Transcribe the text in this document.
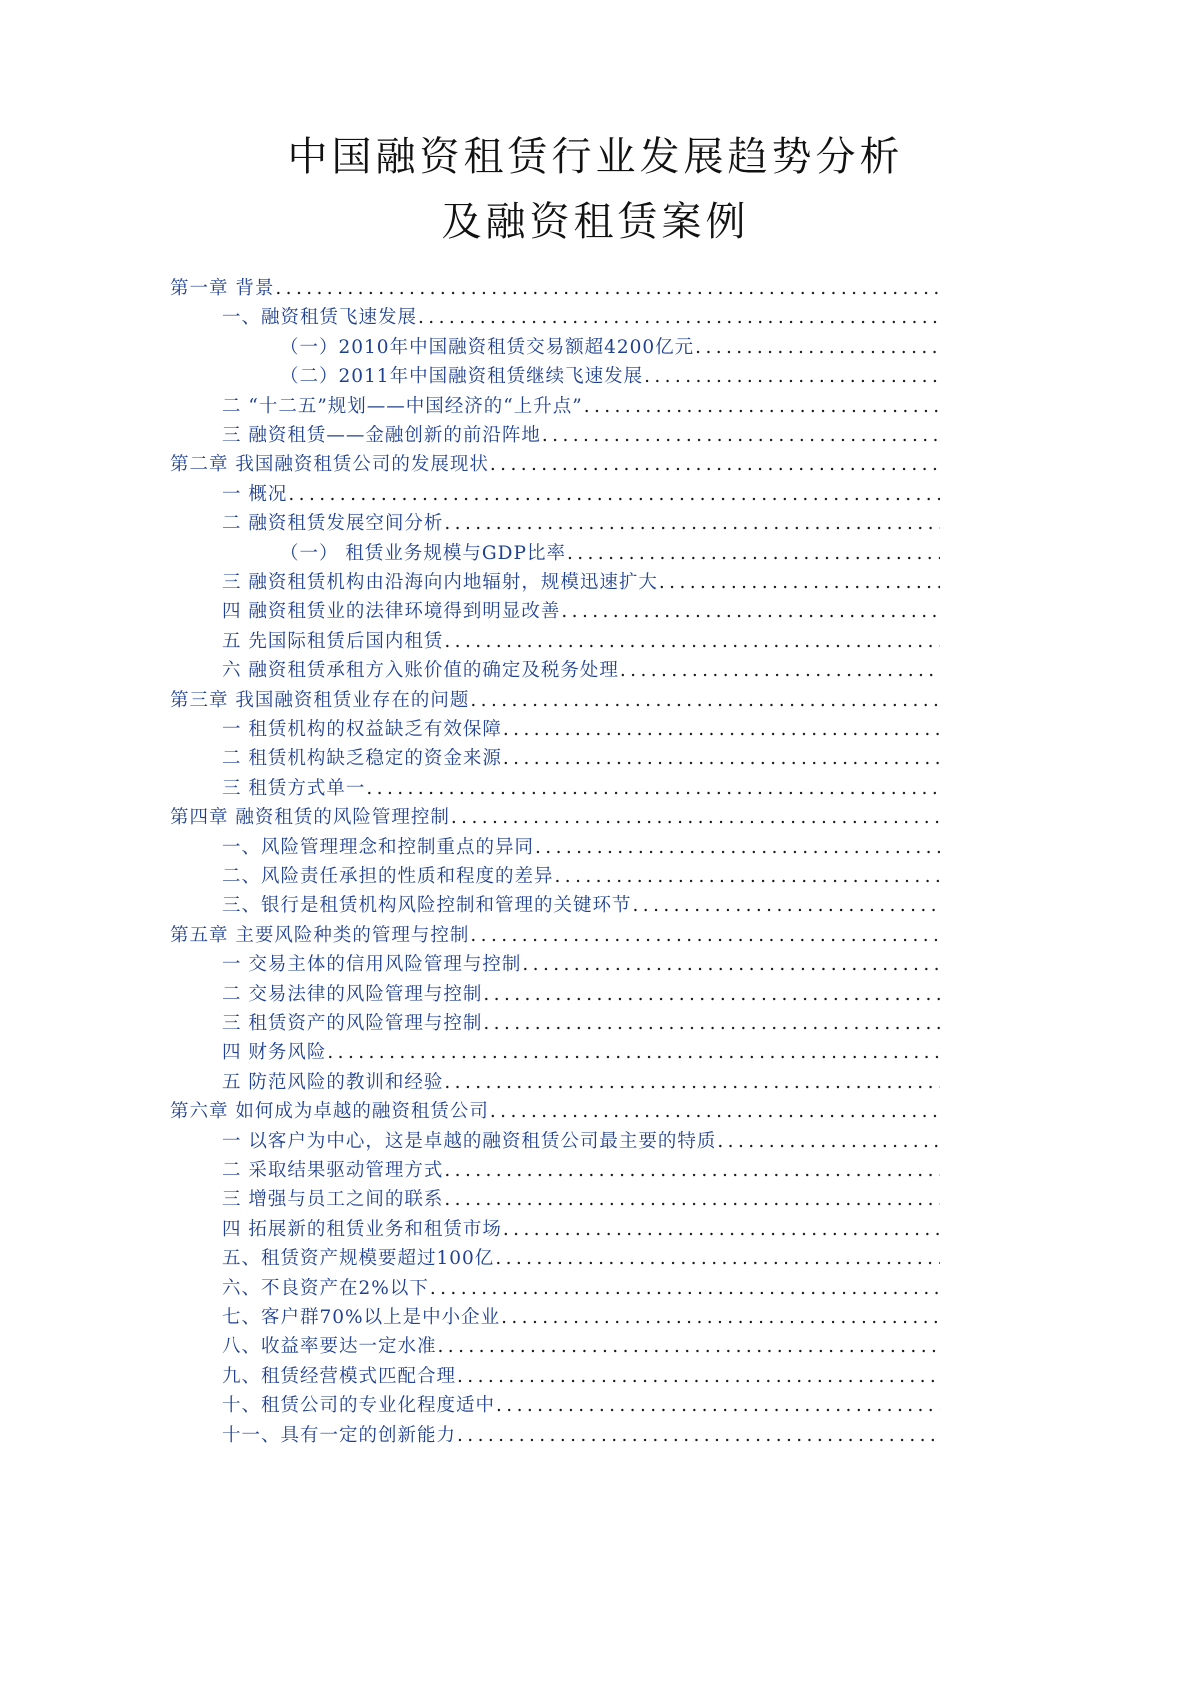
中国融资租赁行业发展趋势分析
及融资租赁案例
第一章 背景
.....
一、融资租赁飞速发展
.....
（一）2010年中国融资租赁交易额超4200亿元
.....
（二）2011年中国融资租赁继续飞速发展
.....
二 “十二五”规划——中国经济的“上升点”
.....
三 融资租赁——金融创新的前沿阵地
.....
第二章 我国融资租赁公司的发展现状
.....
一 概况
.....
二 融资租赁发展空间分析
.....
（一） 租赁业务规模与GDP比率
.....
三 融资租赁机构由沿海向内地辐射，规模迅速扩大
.....
四 融资租赁业的法律环境得到明显改善
.....
五 先国际租赁后国内租赁
.....
六 融资租赁承租方入账价值的确定及税务处理
.....
第三章 我国融资租赁业存在的问题
.....
一 租赁机构的权益缺乏有效保障
.....
二 租赁机构缺乏稳定的资金来源
.....
三 租赁方式单一
.....
第四章 融资租赁的风险管理控制
.....
一、风险管理理念和控制重点的异同
.....
二、风险责任承担的性质和程度的差异
.....
三、银行是租赁机构风险控制和管理的关键环节
.....
第五章 主要风险种类的管理与控制
.....
一 交易主体的信用风险管理与控制
.....
二 交易法律的风险管理与控制
.....
三 租赁资产的风险管理与控制
.....
四 财务风险
.....
五 防范风险的教训和经验
.....
第六章 如何成为卓越的融资租赁公司
.....
一 以客户为中心，这是卓越的融资租赁公司最主要的特质
.....
二 采取结果驱动管理方式
.....
三 增强与员工之间的联系
.....
四 拓展新的租赁业务和租赁市场
.....
五、租赁资产规模要超过100亿
.....
六、不良资产在2%以下
.....
七、客户群70%以上是中小企业
.....
八、收益率要达一定水准
.....
九、租赁经营模式匹配合理
.....
十、租赁公司的专业化程度适中
.....
十一、具有一定的创新能力
.....
